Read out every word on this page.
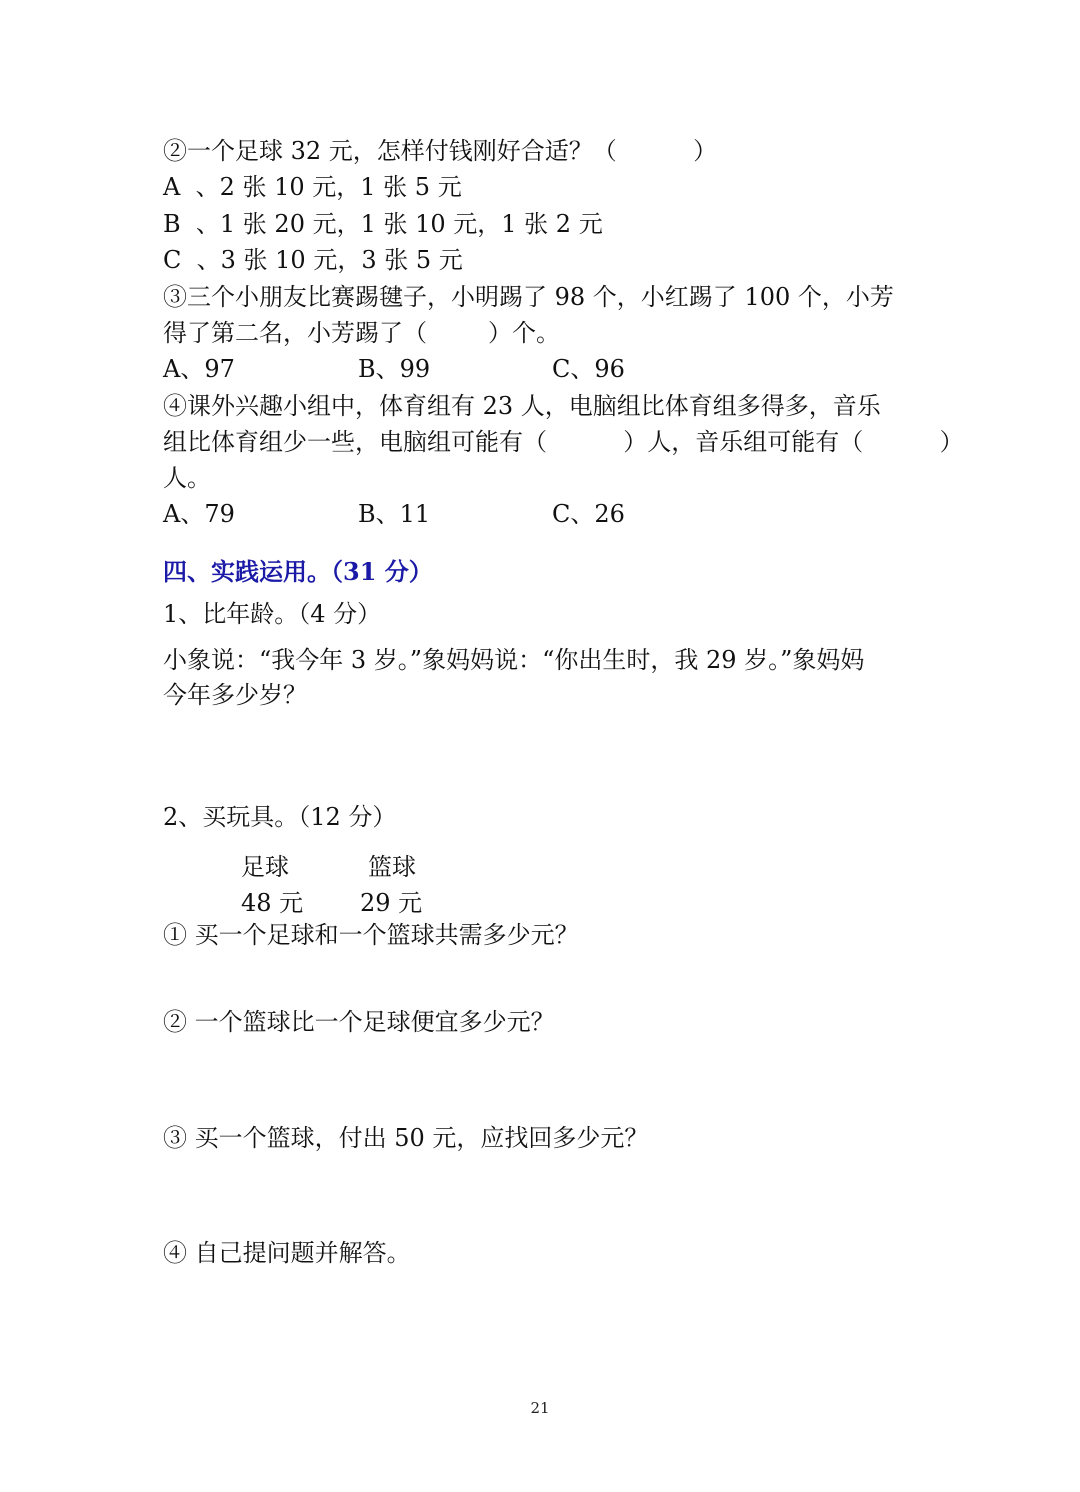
②一个足球 32 元，怎样付钱刚好合适？（          ）
A  、2 张 10 元，1 张 5 元
B  、1 张 20 元，1 张 10 元，1 张 2 元
C  、3 张 10 元，3 张 5 元
③三个小朋友比赛踢毽子，小明踢了 98 个，小红踢了 100 个，小芳
得了第二名，小芳踢了（        ）个。
A、97	B、99	C、96
④课外兴趣小组中，体育组有 23 人，电脑组比体育组多得多，音乐
组比体育组少一些，电脑组可能有（          ）人，音乐组可能有（          ）
人。
A、79	B、11	C、26
四、实践运用。（31 分）
1、比年龄。（4 分）
小象说：“我今年 3 岁。”象妈妈说：“你出生时，我 29 岁。”象妈妈
今年多少岁？
2、买玩具。（12 分）
足球	篮球
48 元 29 元
① 买一个足球和一个篮球共需多少元？
② 一个篮球比一个足球便宜多少元？
③ 买一个篮球，付出 50 元，应找回多少元？
④ 自己提问题并解答。
21
